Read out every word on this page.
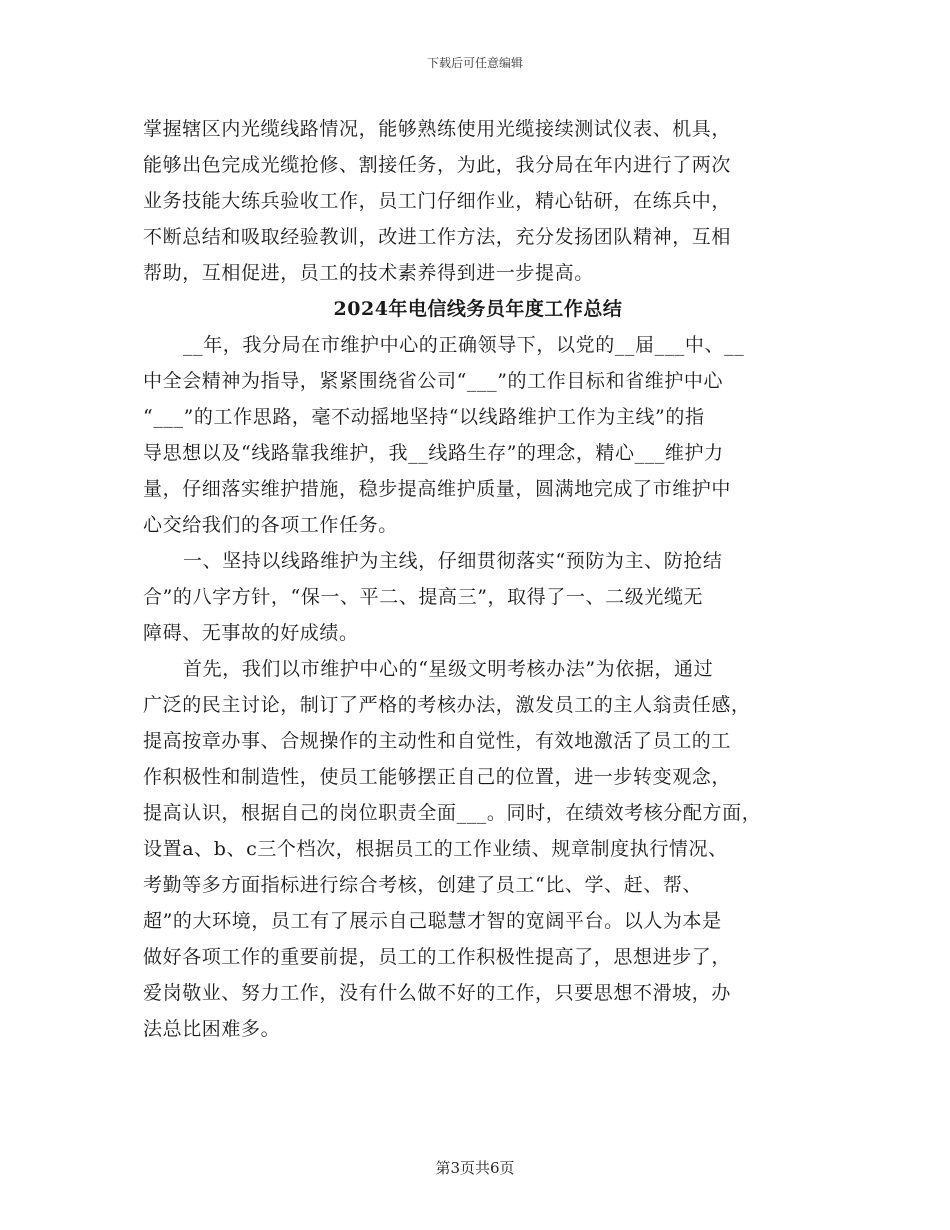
下载后可任意编辑
掌握辖区内光缆线路情况，能够熟练使用光缆接续测试仪表、机具，
能够出色完成光缆抢修、割接任务，为此，我分局在年内进行了两次
业务技能大练兵验收工作，员工门仔细作业，精心钻研，在练兵中，
不断总结和吸取经验教训，改进工作方法，充分发扬团队精神，互相
帮助，互相促进，员工的技术素养得到进一步提高。
2024年电信线务员年度工作总结
__年，我分局在市维护中心的正确领导下，以党的__届___中、__
中全会精神为指导，紧紧围绕省公司“___”的工作目标和省维护中心
“___”的工作思路，毫不动摇地坚持“以线路维护工作为主线”的指
导思想以及“线路靠我维护，我__线路生存”的理念，精心___维护力
量，仔细落实维护措施，稳步提高维护质量，圆满地完成了市维护中
心交给我们的各项工作任务。
一、坚持以线路维护为主线，仔细贯彻落实“预防为主、防抢结
合”的八字方针，“保一、平二、提高三”，取得了一、二级光缆无
障碍、无事故的好成绩。
首先，我们以市维护中心的“星级文明考核办法”为依据，通过
广泛的民主讨论，制订了严格的考核办法，激发员工的主人翁责任感，
提高按章办事、合规操作的主动性和自觉性，有效地激活了员工的工
作积极性和制造性，使员工能够摆正自己的位置，进一步转变观念，
提高认识，根据自己的岗位职责全面___。同时，在绩效考核分配方面，
设置a、b、c三个档次，根据员工的工作业绩、规章制度执行情况、
考勤等多方面指标进行综合考核，创建了员工“比、学、赶、帮、
超”的大环境，员工有了展示自己聪慧才智的宽阔平台。以人为本是
做好各项工作的重要前提，员工的工作积极性提高了，思想进步了，
爱岗敬业、努力工作，没有什么做不好的工作，只要思想不滑坡，办
法总比困难多。
第3页共6页
